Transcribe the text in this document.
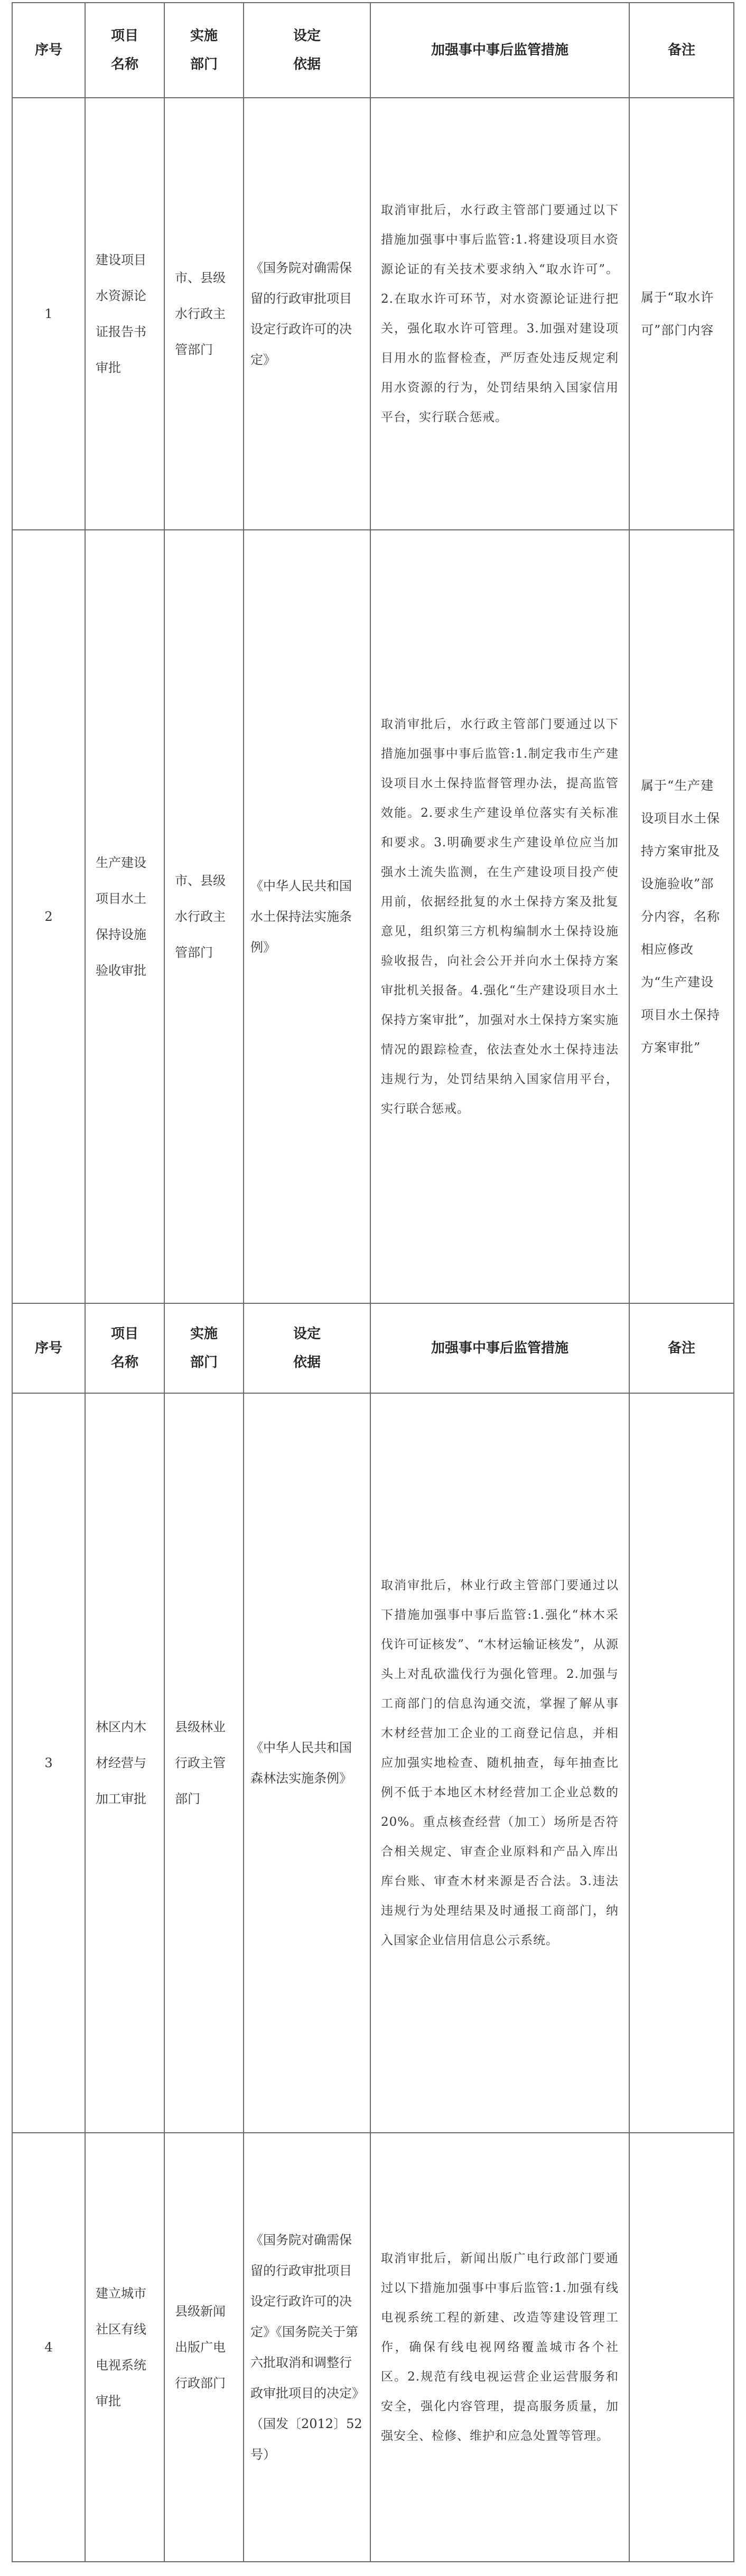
序号	项目名称	实施部门	设定依据	加强事中事后监管措施	备注

1	建设项目水资源论证报告书审批	市、县级水行政主管部门	《国务院对确需保留的行政审批项目设定行政许可的决定》	取消审批后，水行政主管部门要通过以下措施加强事中事后监管:1.将建设项目水资源论证的有关技术要求纳入“取水许可”。2.在取水许可环节，对水资源论证进行把关，强化取水许可管理。3.加强对建设项目用水的监督检查，严厉查处违反规定利用水资源的行为，处罚结果纳入国家信用平台，实行联合惩戒。	属于“取水许可”部门内容

2	生产建设项目水土保持设施验收审批	市、县级水行政主管部门	《中华人民共和国水土保持法实施条例》	取消审批后，水行政主管部门要通过以下措施加强事中事后监管:1.制定我市生产建设项目水土保持监督管理办法，提高监管效能。2.要求生产建设单位落实有关标准和要求。3.明确要求生产建设单位应当加强水土流失监测，在生产建设项目投产使用前，依据经批复的水土保持方案及批复意见，组织第三方机构编制水土保持设施验收报告，向社会公开并向水土保持方案审批机关报备。4.强化“生产建设项目水土保持方案审批”，加强对水土保持方案实施情况的跟踪检查，依法查处水土保持违法违规行为，处罚结果纳入国家信用平台，实行联合惩戒。	属于“生产建设项目水土保持方案审批及设施验收”部分内容，名称相应修改为“生产建设项目水土保持方案审批”

序号	项目名称	实施部门	设定依据	加强事中事后监管措施	备注

3	林区内木材经营与加工审批	县级林业行政主管部门	《中华人民共和国森林法实施条例》	取消审批后，林业行政主管部门要通过以下措施加强事中事后监管:1.强化“林木采伐许可证核发”、“木材运输证核发”，从源头上对乱砍滥伐行为强化管理。2.加强与工商部门的信息沟通交流，掌握了解从事木材经营加工企业的工商登记信息，并相应加强实地检查、随机抽查，每年抽查比例不低于本地区木材经营加工企业总数的20%。重点核查经营（加工）场所是否符合相关规定、审查企业原料和产品入库出库台账、审查木材来源是否合法。3.违法违规行为处理结果及时通报工商部门，纳入国家企业信用信息公示系统。	

4	建立城市社区有线电视系统审批	县级新闻出版广电行政部门	《国务院对确需保留的行政审批项目设定行政许可的决定》《国务院关于第六批取消和调整行政审批项目的决定》（国发〔2012〕52号）	取消审批后，新闻出版广电行政部门要通过以下措施加强事中事后监管:1.加强有线电视系统工程的新建、改造等建设管理工作，确保有线电视网络覆盖城市各个社区。2.规范有线电视运营企业运营服务和安全，强化内容管理，提高服务质量，加强安全、检修、维护和应急处置等管理。	
